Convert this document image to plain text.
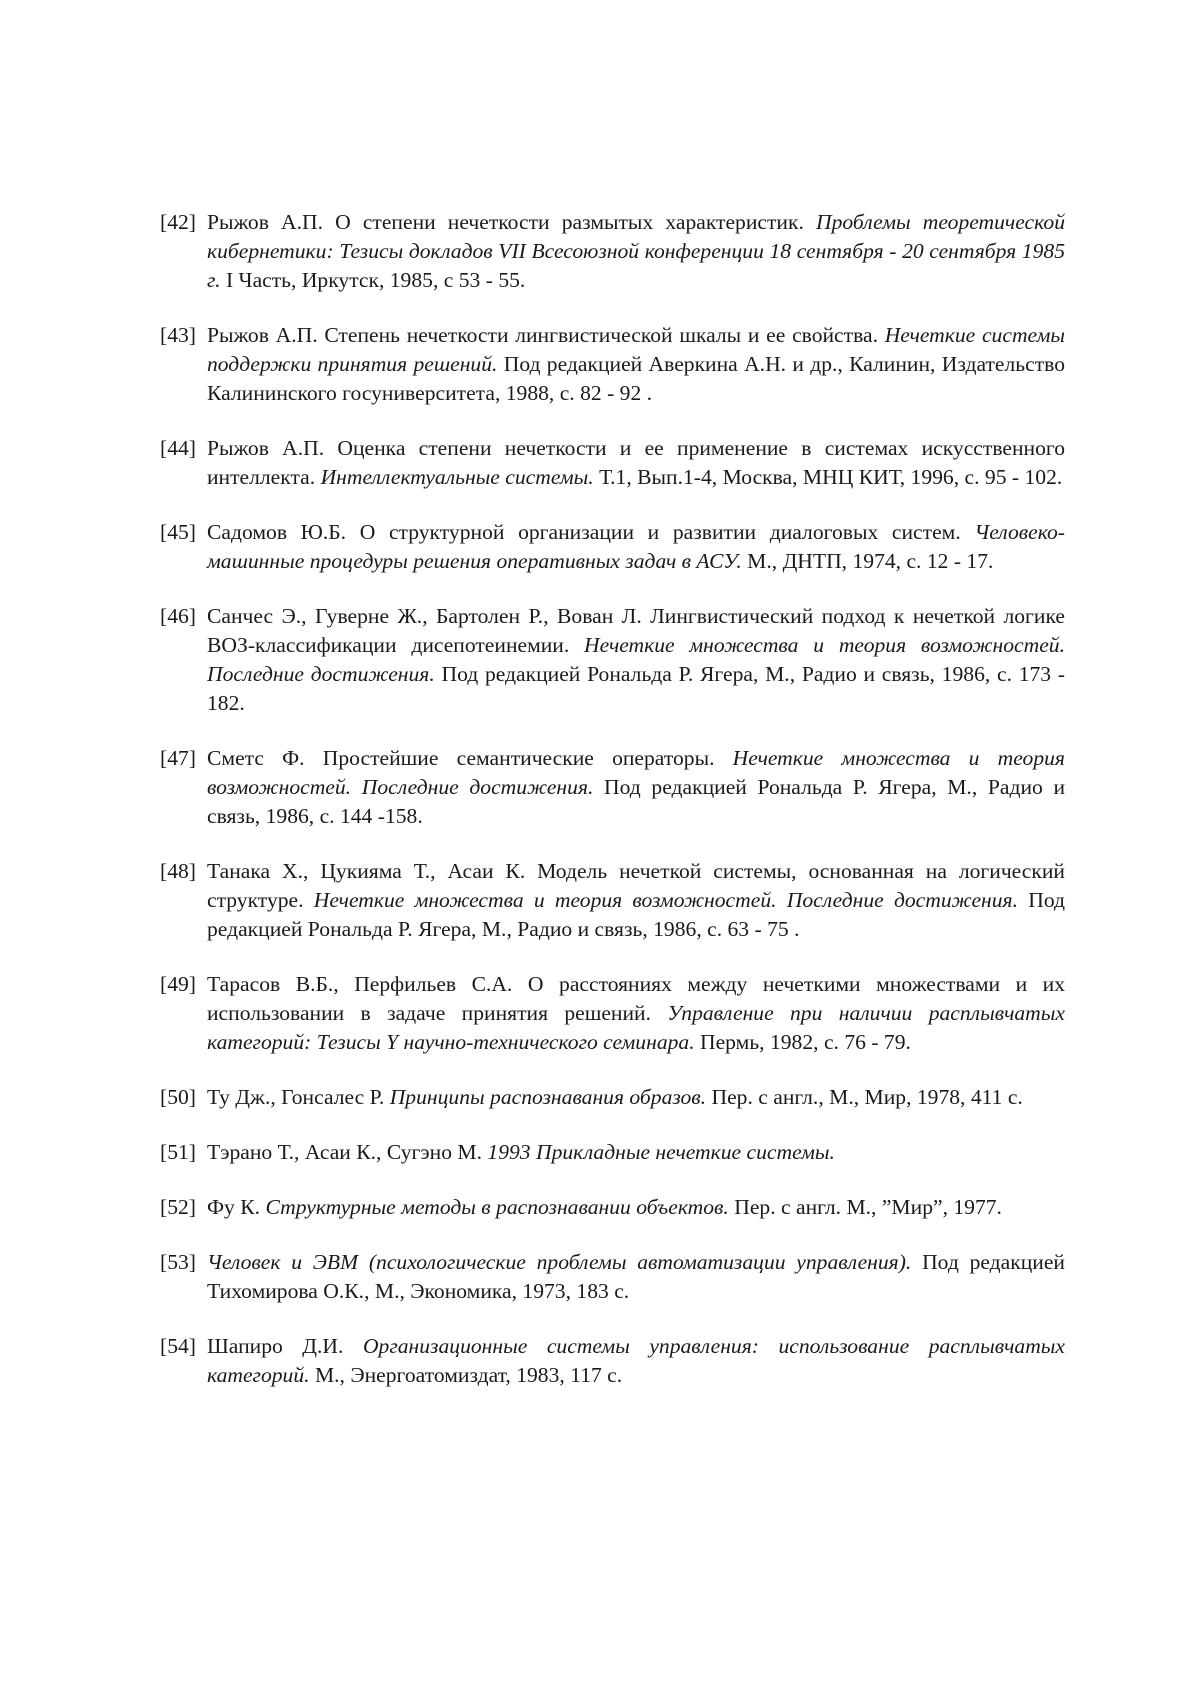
[42] Рыжов А.П. О степени нечеткости размытых характеристик. Проблемы теоретической кибернетики: Тезисы докладов VII Всесоюзной конференции 18 сентября - 20 сентября 1985 г. I Часть, Иркутск, 1985, с 53 - 55.
[43] Рыжов А.П. Степень нечеткости лингвистической шкалы и ее свойства. Нечеткие системы поддержки принятия решений. Под редакцией Аверкина А.Н. и др., Калинин, Издательство Калининского госуниверситета, 1988, с. 82 - 92 .
[44] Рыжов А.П. Оценка степени нечеткости и ее применение в системах искусственного интеллекта. Интеллектуальные системы. Т.1, Вып.1-4, Москва, МНЦ КИТ, 1996, с. 95 - 102.
[45] Садомов Ю.Б. О структурной организации и развитии диалоговых систем. Человеко-машинные процедуры решения оперативных задач в АСУ. М., ДНТП, 1974, с. 12 - 17.
[46] Санчес Э., Гуверне Ж., Бартолен Р., Вован Л. Лингвистический подход к нечеткой логике ВОЗ-классификации дисепотеинемии. Нечеткие множества и теория возможностей. Последние достижения. Под редакцией Рональда Р. Ягера, М., Радио и связь, 1986, с. 173 - 182.
[47] Сметс Ф. Простейшие семантические операторы. Нечеткие множества и теория возможностей. Последние достижения. Под редакцией Рональда Р. Ягера, М., Радио и связь, 1986, с. 144 -158.
[48] Танака Х., Цукияма Т., Асаи К. Модель нечеткой системы, основанная на логический структуре. Нечеткие множества и теория возможностей. Последние достижения. Под редакцией Рональда Р. Ягера, М., Радио и связь, 1986, с. 63 - 75 .
[49] Тарасов В.Б., Перфильев С.А. О расстояниях между нечеткими множествами и их использовании в задаче принятия решений. Управление при наличии расплывчатых категорий: Тезисы Y научно-технического семинара. Пермь, 1982, с. 76 - 79.
[50] Ту Дж., Гонсалес Р. Принципы распознавания образов. Пер. с англ., М., Мир, 1978, 411 с.
[51] Тэрано Т., Асаи К., Сугэно М. 1993 Прикладные нечеткие системы.
[52] Фу К. Структурные методы в распознавании объектов. Пер. с англ. М., ”Мир”, 1977.
[53] Человек и ЭВМ (психологические проблемы автоматизации управления). Под редакцией Тихомирова О.К., М., Экономика, 1973, 183 с.
[54] Шапиро Д.И. Организационные системы управления: использование расплывчатых категорий. М., Энергоатомиздат, 1983, 117 с.
